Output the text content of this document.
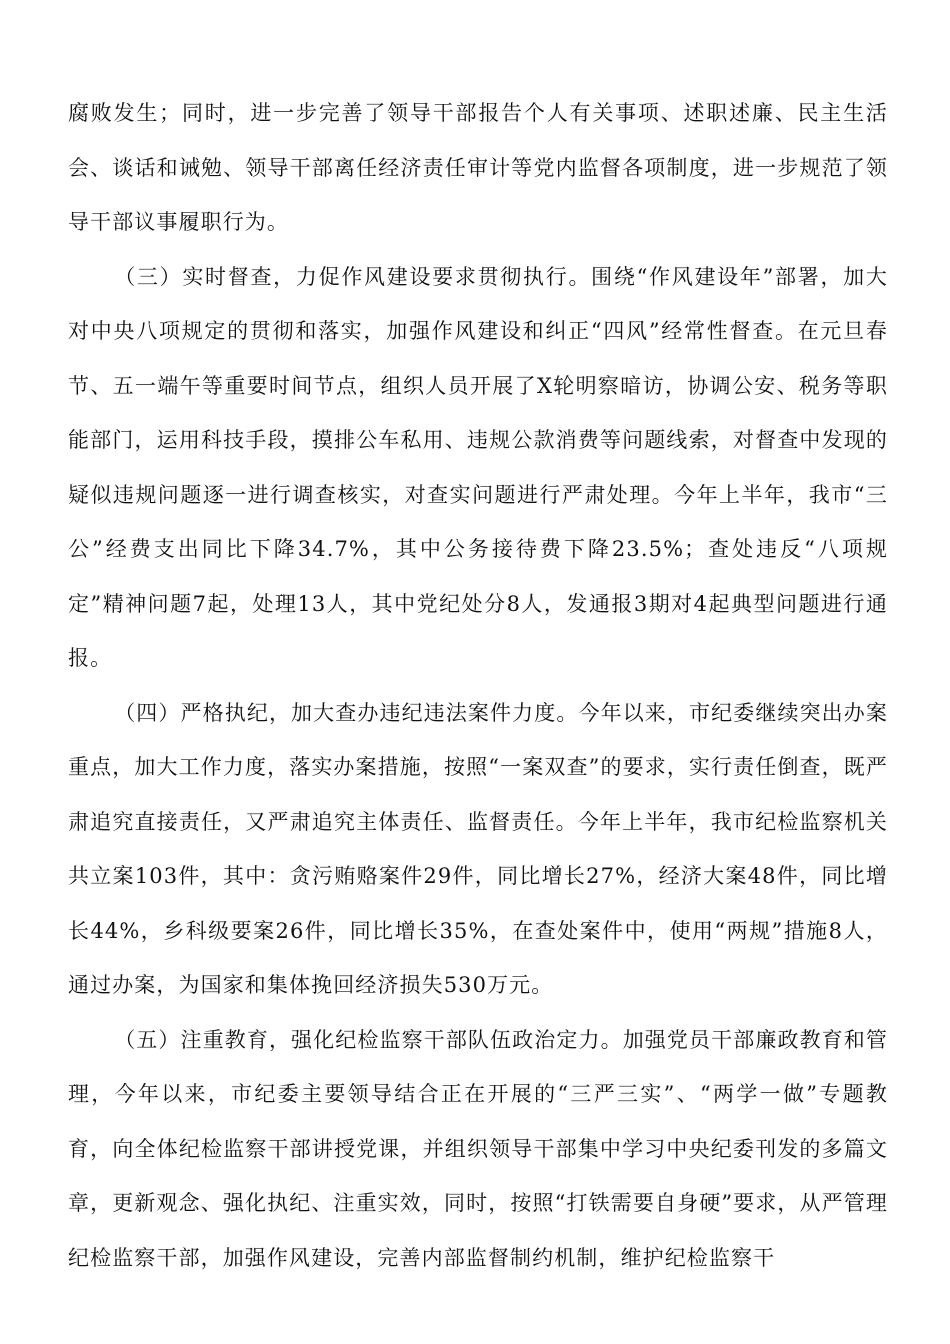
腐败发生；同时，进一步完善了领导干部报告个人有关事项、述职述廉、民主生活会、谈话和诫勉、领导干部离任经济责任审计等党内监督各项制度，进一步规范了领导干部议事履职行为。

（三）实时督查，力促作风建设要求贯彻执行。围绕“作风建设年”部署，加大对中央八项规定的贯彻和落实，加强作风建设和纠正“四风”经常性督查。在元旦春节、五一端午等重要时间节点，组织人员开展了X轮明察暗访，协调公安、税务等职能部门，运用科技手段，摸排公车私用、违规公款消费等问题线索，对督查中发现的疑似违规问题逐一进行调查核实，对查实问题进行严肃处理。今年上半年，我市“三公”经费支出同比下降34.7%，其中公务接待费下降23.5%；查处违反“八项规定”精神问题7起，处理13人，其中党纪处分8人，发通报3期对4起典型问题进行通报。

（四）严格执纪，加大查办违纪违法案件力度。今年以来，市纪委继续突出办案重点，加大工作力度，落实办案措施，按照“一案双查”的要求，实行责任倒查，既严肃追究直接责任，又严肃追究主体责任、监督责任。今年上半年，我市纪检监察机关共立案103件，其中：贪污贿赂案件29件，同比增长27%，经济大案48件，同比增长44%，乡科级要案26件，同比增长35%，在查处案件中，使用“两规”措施8人，通过办案，为国家和集体挽回经济损失530万元。

（五）注重教育，强化纪检监察干部队伍政治定力。加强党员干部廉政教育和管理，今年以来，市纪委主要领导结合正在开展的“三严三实”、“两学一做”专题教育，向全体纪检监察干部讲授党课，并组织领导干部集中学习中央纪委刊发的多篇文章，更新观念、强化执纪、注重实效，同时，按照“打铁需要自身硬”要求，从严管理纪检监察干部，加强作风建设，完善内部监督制约机制，维护纪检监察干
